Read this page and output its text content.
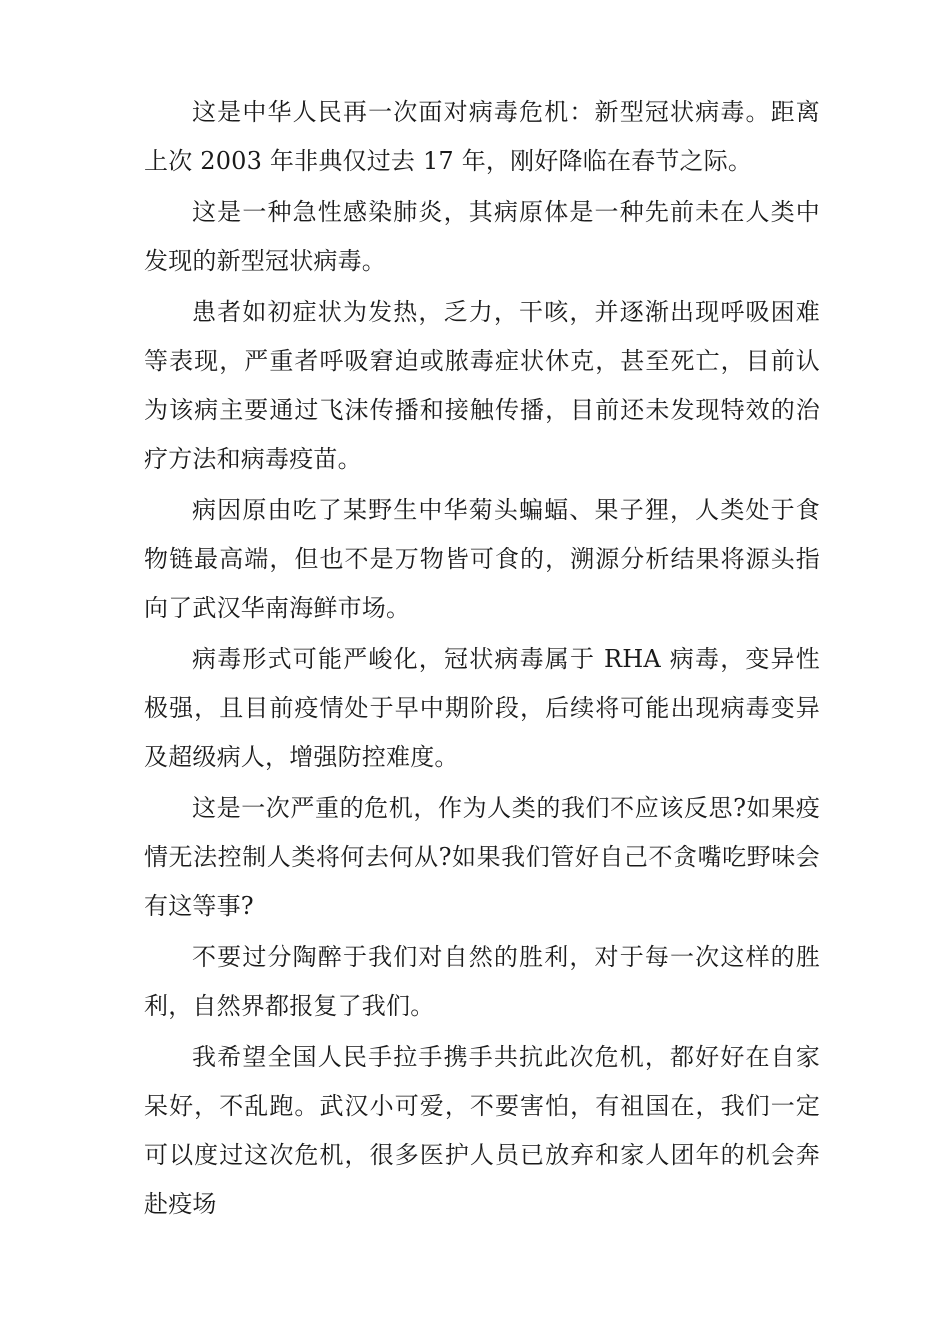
这是中华人民再一次面对病毒危机：新型冠状病毒。距离上次 2003 年非典仅过去 17 年，刚好降临在春节之际。

这是一种急性感染肺炎，其病原体是一种先前未在人类中发现的新型冠状病毒。

患者如初症状为发热，乏力，干咳，并逐渐出现呼吸困难等表现，严重者呼吸窘迫或脓毒症状休克，甚至死亡，目前认为该病主要通过飞沫传播和接触传播，目前还未发现特效的治疗方法和病毒疫苗。

病因原由吃了某野生中华菊头蝙蝠、果子狸，人类处于食物链最高端，但也不是万物皆可食的，溯源分析结果将源头指向了武汉华南海鲜市场。

病毒形式可能严峻化，冠状病毒属于 RHA 病毒，变异性极强，且目前疫情处于早中期阶段，后续将可能出现病毒变异及超级病人，增强防控难度。

这是一次严重的危机，作为人类的我们不应该反思?如果疫情无法控制人类将何去何从?如果我们管好自己不贪嘴吃野味会有这等事?

不要过分陶醉于我们对自然的胜利，对于每一次这样的胜利，自然界都报复了我们。

我希望全国人民手拉手携手共抗此次危机，都好好在自家呆好，不乱跑。武汉小可爱，不要害怕，有祖国在，我们一定可以度过这次危机，很多医护人员已放弃和家人团年的机会奔赴疫场
